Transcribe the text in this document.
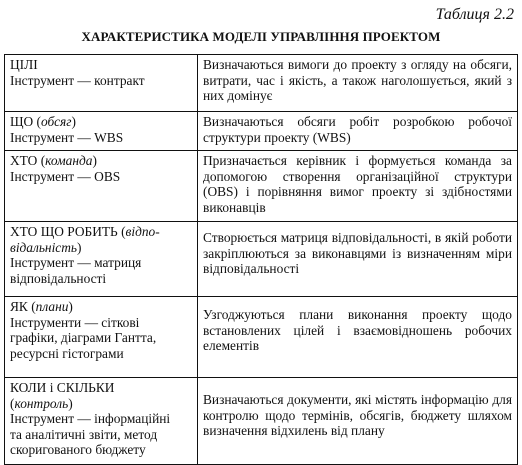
Таблиця 2.2
ХАРАКТЕРИСТИКА МОДЕЛІ УПРАВЛІННЯ ПРОЕКТОМ
ЦІЛІ
Інструмент — контракт	Визначаються вимоги до проекту з огляду на обсяги, витрати, час і якість, а також наголошується, який з них домінує

ЩО (обсяг)
Інструмент — WBS	Визначаються обсяги робіт розробкою робочої структури проекту (WBS)

ХТО (команда)
Інструмент — OBS	Призначається керівник і формується команда за допомогою створення організаційної структури (OBS) і порівняння вимог проекту зі здібностями виконавців

ХТО ЩО РОБИТЬ (відпо-
відальність)
Інструмент — матриця
відповідальності	Створюється матриця відповідальності, в якій роботи закріплюються за виконавцями із визначенням міри відповідальності

ЯК (плани)
Інструменти — сіткові
графіки, діаграми Гантта,
ресурсні гістограми	Узгоджуються плани виконання проекту щодо встановлених цілей і взаємовідношень робочих елементів

КОЛИ і СКІЛЬКИ
(контроль)
Інструмент — інформаційні
та аналітичні звіти, метод
скоригованого бюджету	Визначаються документи, які містять інформацію для контролю щодо термінів, обсягів, бюджету шляхом визначення відхилень від плану
